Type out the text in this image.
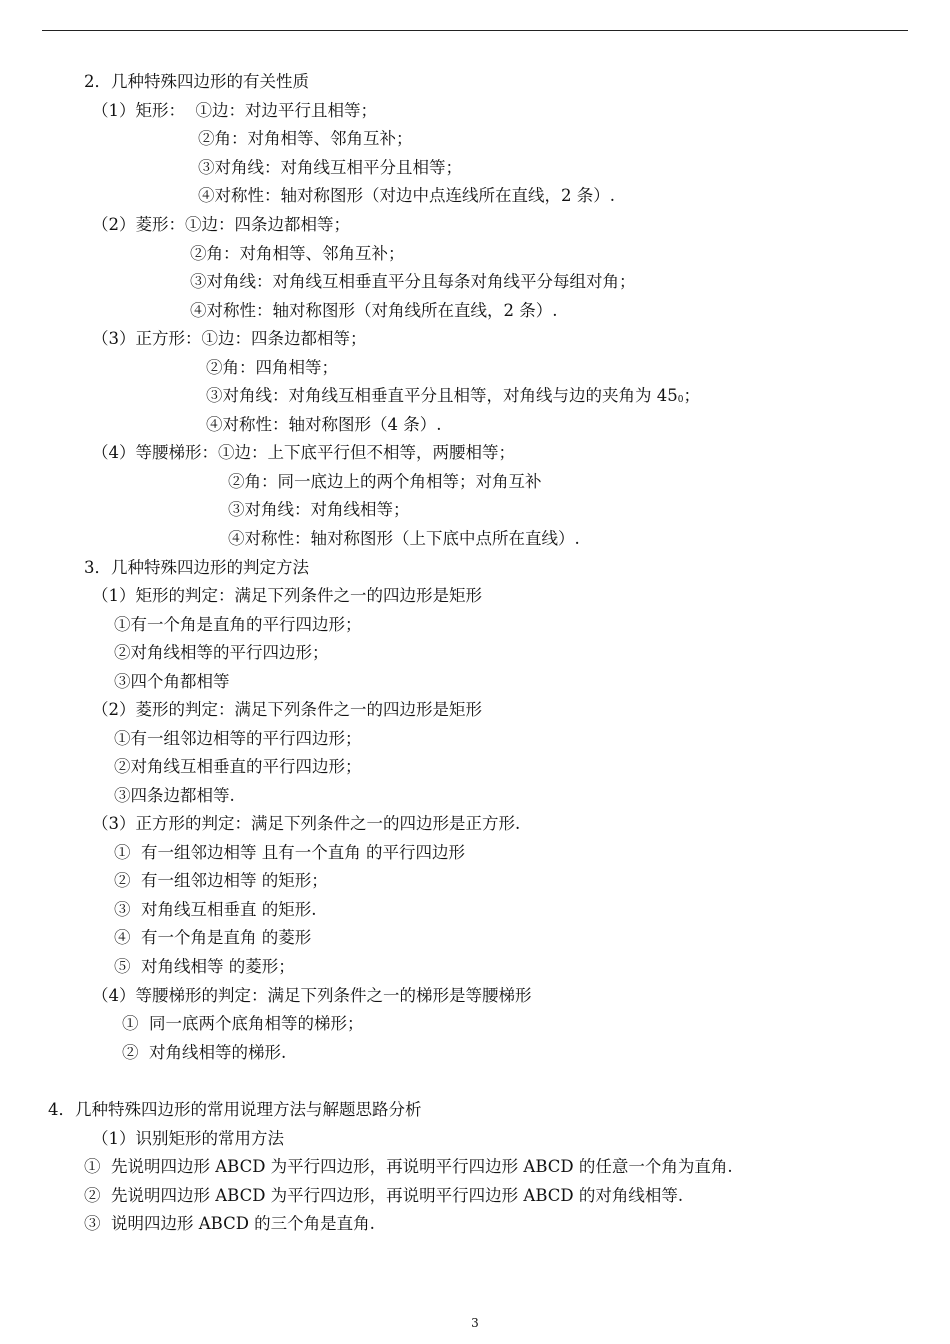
2．几种特殊四边形的有关性质
（1）矩形：  ①边：对边平行且相等；
②角：对角相等、邻角互补；
③对角线：对角线互相平分且相等；
④对称性：轴对称图形（对边中点连线所在直线，2 条）.
（2）菱形：①边：四条边都相等；
②角：对角相等、邻角互补；
③对角线：对角线互相垂直平分且每条对角线平分每组对角；
④对称性：轴对称图形（对角线所在直线，2 条）.
（3）正方形：①边：四条边都相等；
②角：四角相等；
③对角线：对角线互相垂直平分且相等，对角线与边的夹角为 450；
④对称性：轴对称图形（4 条）.
（4）等腰梯形：①边：上下底平行但不相等，两腰相等；
②角：同一底边上的两个角相等；对角互补
③对角线：对角线相等；
④对称性：轴对称图形（上下底中点所在直线）.
3．几种特殊四边形的判定方法
（1）矩形的判定：满足下列条件之一的四边形是矩形
①有一个角是直角的平行四边形；
②对角线相等的平行四边形；
③四个角都相等
（2）菱形的判定：满足下列条件之一的四边形是矩形
①有一组邻边相等的平行四边形；
②对角线互相垂直的平行四边形；
③四条边都相等.
（3）正方形的判定：满足下列条件之一的四边形是正方形.
①  有一组邻边相等 且有一个直角 的平行四边形
②  有一组邻边相等 的矩形；
③  对角线互相垂直 的矩形.
④  有一个角是直角 的菱形
⑤  对角线相等 的菱形；
（4）等腰梯形的判定：满足下列条件之一的梯形是等腰梯形
①  同一底两个底角相等的梯形；
②  对角线相等的梯形.
4．几种特殊四边形的常用说理方法与解题思路分析
（1）识别矩形的常用方法
①  先说明四边形 ABCD 为平行四边形，再说明平行四边形 ABCD 的任意一个角为直角.
②  先说明四边形 ABCD 为平行四边形，再说明平行四边形 ABCD 的对角线相等.
③  说明四边形 ABCD 的三个角是直角.
3
